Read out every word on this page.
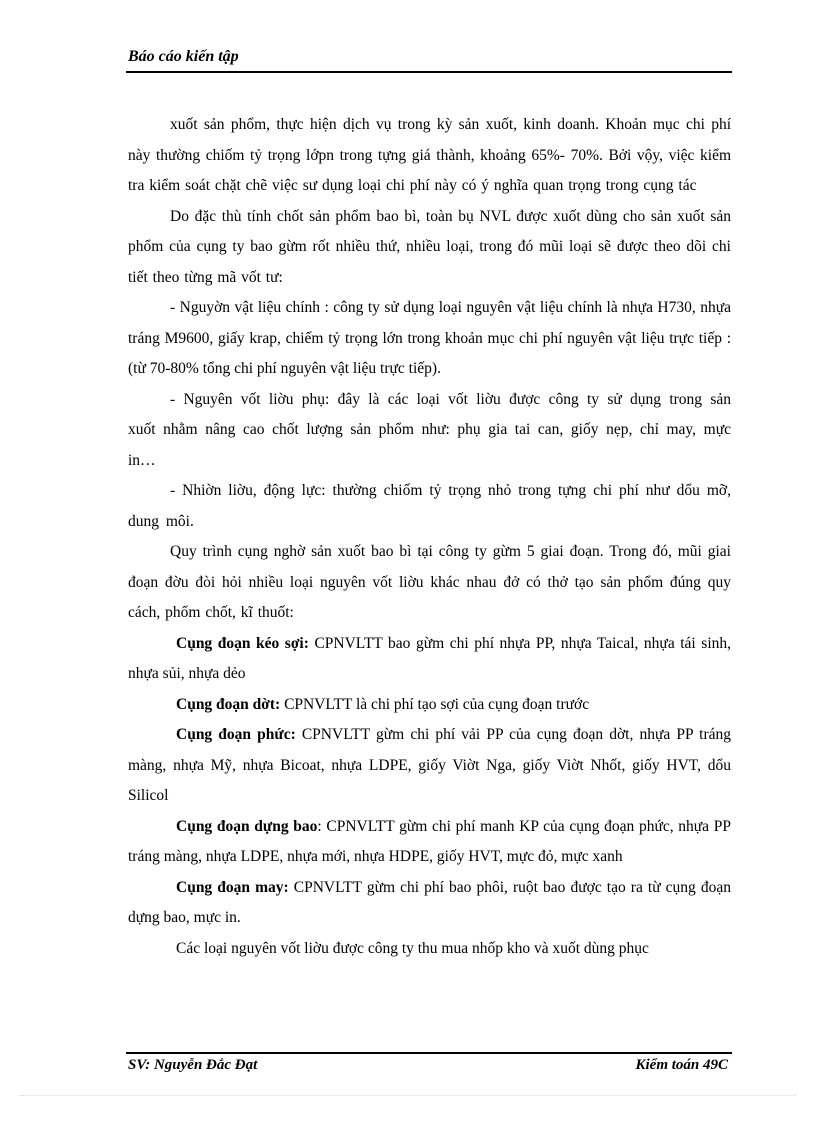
Báo cáo kiến tập

xuốt sản phổm, thực hiện dịch vụ trong kỳ sản xuốt, kinh doanh. Khoản mục chi phí này thường chiốm tỷ trọng lớpn trong tựng giá thành, khoảng 65%- 70%. Bởi vộy, việc kiểm tra kiểm soát chặt chẽ việc sư dụng loại chi phí này có ý nghĩa quan trọng trong cụng tác

Do đặc thù tính chốt sản phổm bao bì, toàn bụ NVL được xuốt dùng cho sản xuốt sản phổm của cụng ty bao gừm rốt nhiều thứ, nhiều loại, trong đó mũi loại sẽ được theo dõi chi tiết theo từng mã vốt tư:

- Nguyờn vật liệu chính : công ty sử dụng loại nguyên vật liệu chính là nhựa H730, nhựa tráng M9600, giấy krap, chiếm tỷ trọng lớn trong khoản mục chi phí nguyên vật liệu trực tiếp : (từ 70-80% tổng chi phí nguyên vật liệu trực tiếp).

- Nguyên vốt liờu phụ: đây là các loại vốt liờu được công ty sử dụng trong sản xuốt nhằm nâng cao chốt lượng sản phổm như: phụ gia tai can, giốy nẹp, chỉ may, mực in…

- Nhiờn liờu, động lực: thường chiốm tỷ trọng nhỏ trong tựng chi phí như dổu mỡ, dung môi.

Quy trình cụng nghờ sản xuốt bao bì tại công ty gừm 5 giai đoạn. Trong đó, mũi giai đoạn đờu đòi hỏi nhiều loại nguyên vốt liờu khác nhau đở có thở tạo sản phổm đúng quy cách, phổm chốt, kĩ thuốt:

Cụng đoạn kéo sợi: CPNVLTT bao gừm chi phí nhựa PP, nhựa Taical, nhựa tái sinh, nhựa sủi, nhựa dẻo

Cụng đoạn dờt: CPNVLTT là chi phí tạo sợi của cụng đoạn trước

Cụng đoạn phức: CPNVLTT gừm chi phí vải PP của cụng đoạn dờt, nhựa PP tráng màng, nhựa Mỹ, nhựa Bicoat, nhựa LDPE, giốy Viờt Nga, giốy Viờt Nhốt, giốy HVT, dổu Silicol

Cụng đoạn dựng bao: CPNVLTT gừm chi phí manh KP của cụng đoạn phức, nhựa PP tráng màng, nhựa LDPE, nhựa mới, nhựa HDPE, giốy HVT, mực đỏ, mực xanh

Cụng đoạn may: CPNVLTT gừm chi phí bao phôi, ruột bao được tạo ra từ cụng đoạn dựng bao, mực in.

Các loại nguyên vốt liờu được công ty thu mua nhốp kho và xuốt dùng phục

SV: Nguyễn Đắc Đạt	Kiểm toán 49C
